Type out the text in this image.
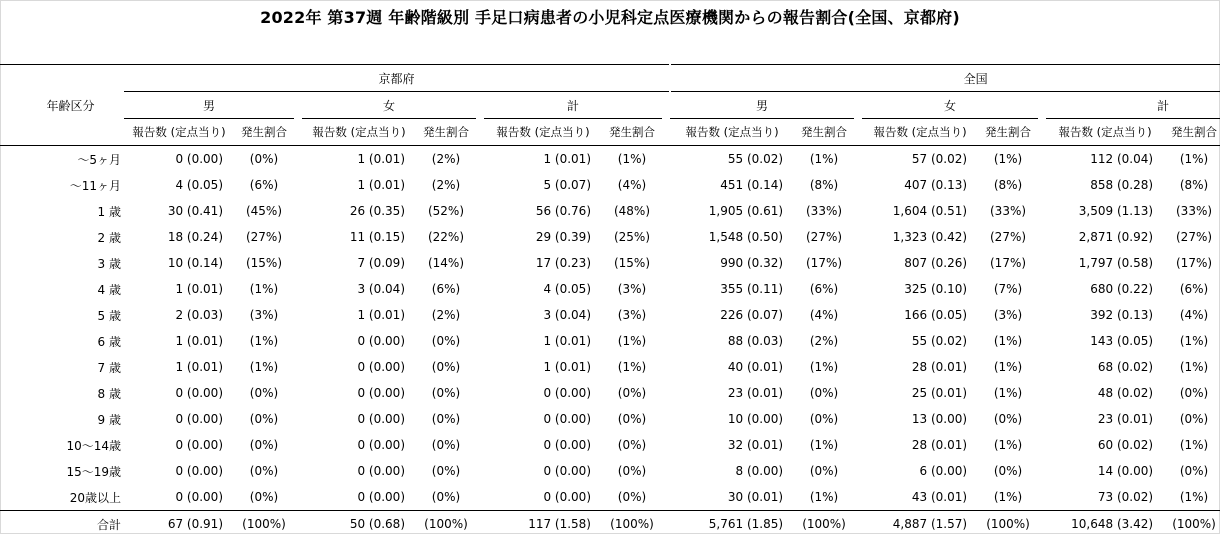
2022年 第37週 年齢階級別 手足口病患者の小児科定点医療機関からの報告割合(全国、京都府)
年齢区分	京都府									全国								
	男			女			計			男			女			計		
	報告数 (定点当り)	発生割合		報告数 (定点当り)	発生割合		報告数 (定点当り)	発生割合		報告数 (定点当り)	発生割合		報告数 (定点当り)	発生割合		報告数 (定点当り)	発生割合	
～5ヶ月	0 (0.00)	(0%)		1 (0.01)	(2%)		1 (0.01)	(1%)		55 (0.02)	(1%)		57 (0.02)	(1%)		112 (0.04)	(1%)	
～11ヶ月	4 (0.05)	(6%)		1 (0.01)	(2%)		5 (0.07)	(4%)		451 (0.14)	(8%)		407 (0.13)	(8%)		858 (0.28)	(8%)	
1 歳	30 (0.41)	(45%)		26 (0.35)	(52%)		56 (0.76)	(48%)		1,905 (0.61)	(33%)		1,604 (0.51)	(33%)		3,509 (1.13)	(33%)	
2 歳	18 (0.24)	(27%)		11 (0.15)	(22%)		29 (0.39)	(25%)		1,548 (0.50)	(27%)		1,323 (0.42)	(27%)		2,871 (0.92)	(27%)	
3 歳	10 (0.14)	(15%)		7 (0.09)	(14%)		17 (0.23)	(15%)		990 (0.32)	(17%)		807 (0.26)	(17%)		1,797 (0.58)	(17%)	
4 歳	1 (0.01)	(1%)		3 (0.04)	(6%)		4 (0.05)	(3%)		355 (0.11)	(6%)		325 (0.10)	(7%)		680 (0.22)	(6%)	
5 歳	2 (0.03)	(3%)		1 (0.01)	(2%)		3 (0.04)	(3%)		226 (0.07)	(4%)		166 (0.05)	(3%)		392 (0.13)	(4%)	
6 歳	1 (0.01)	(1%)		0 (0.00)	(0%)		1 (0.01)	(1%)		88 (0.03)	(2%)		55 (0.02)	(1%)		143 (0.05)	(1%)	
7 歳	1 (0.01)	(1%)		0 (0.00)	(0%)		1 (0.01)	(1%)		40 (0.01)	(1%)		28 (0.01)	(1%)		68 (0.02)	(1%)	
8 歳	0 (0.00)	(0%)		0 (0.00)	(0%)		0 (0.00)	(0%)		23 (0.01)	(0%)		25 (0.01)	(1%)		48 (0.02)	(0%)	
9 歳	0 (0.00)	(0%)		0 (0.00)	(0%)		0 (0.00)	(0%)		10 (0.00)	(0%)		13 (0.00)	(0%)		23 (0.01)	(0%)	
10～14歳	0 (0.00)	(0%)		0 (0.00)	(0%)		0 (0.00)	(0%)		32 (0.01)	(1%)		28 (0.01)	(1%)		60 (0.02)	(1%)	
15～19歳	0 (0.00)	(0%)		0 (0.00)	(0%)		0 (0.00)	(0%)		8 (0.00)	(0%)		6 (0.00)	(0%)		14 (0.00)	(0%)	
20歳以上	0 (0.00)	(0%)		0 (0.00)	(0%)		0 (0.00)	(0%)		30 (0.01)	(1%)		43 (0.01)	(1%)		73 (0.02)	(1%)	
合計	67 (0.91)	(100%)		50 (0.68)	(100%)		117 (1.58)	(100%)		5,761 (1.85)	(100%)		4,887 (1.57)	(100%)		10,648 (3.42)	(100%)	
